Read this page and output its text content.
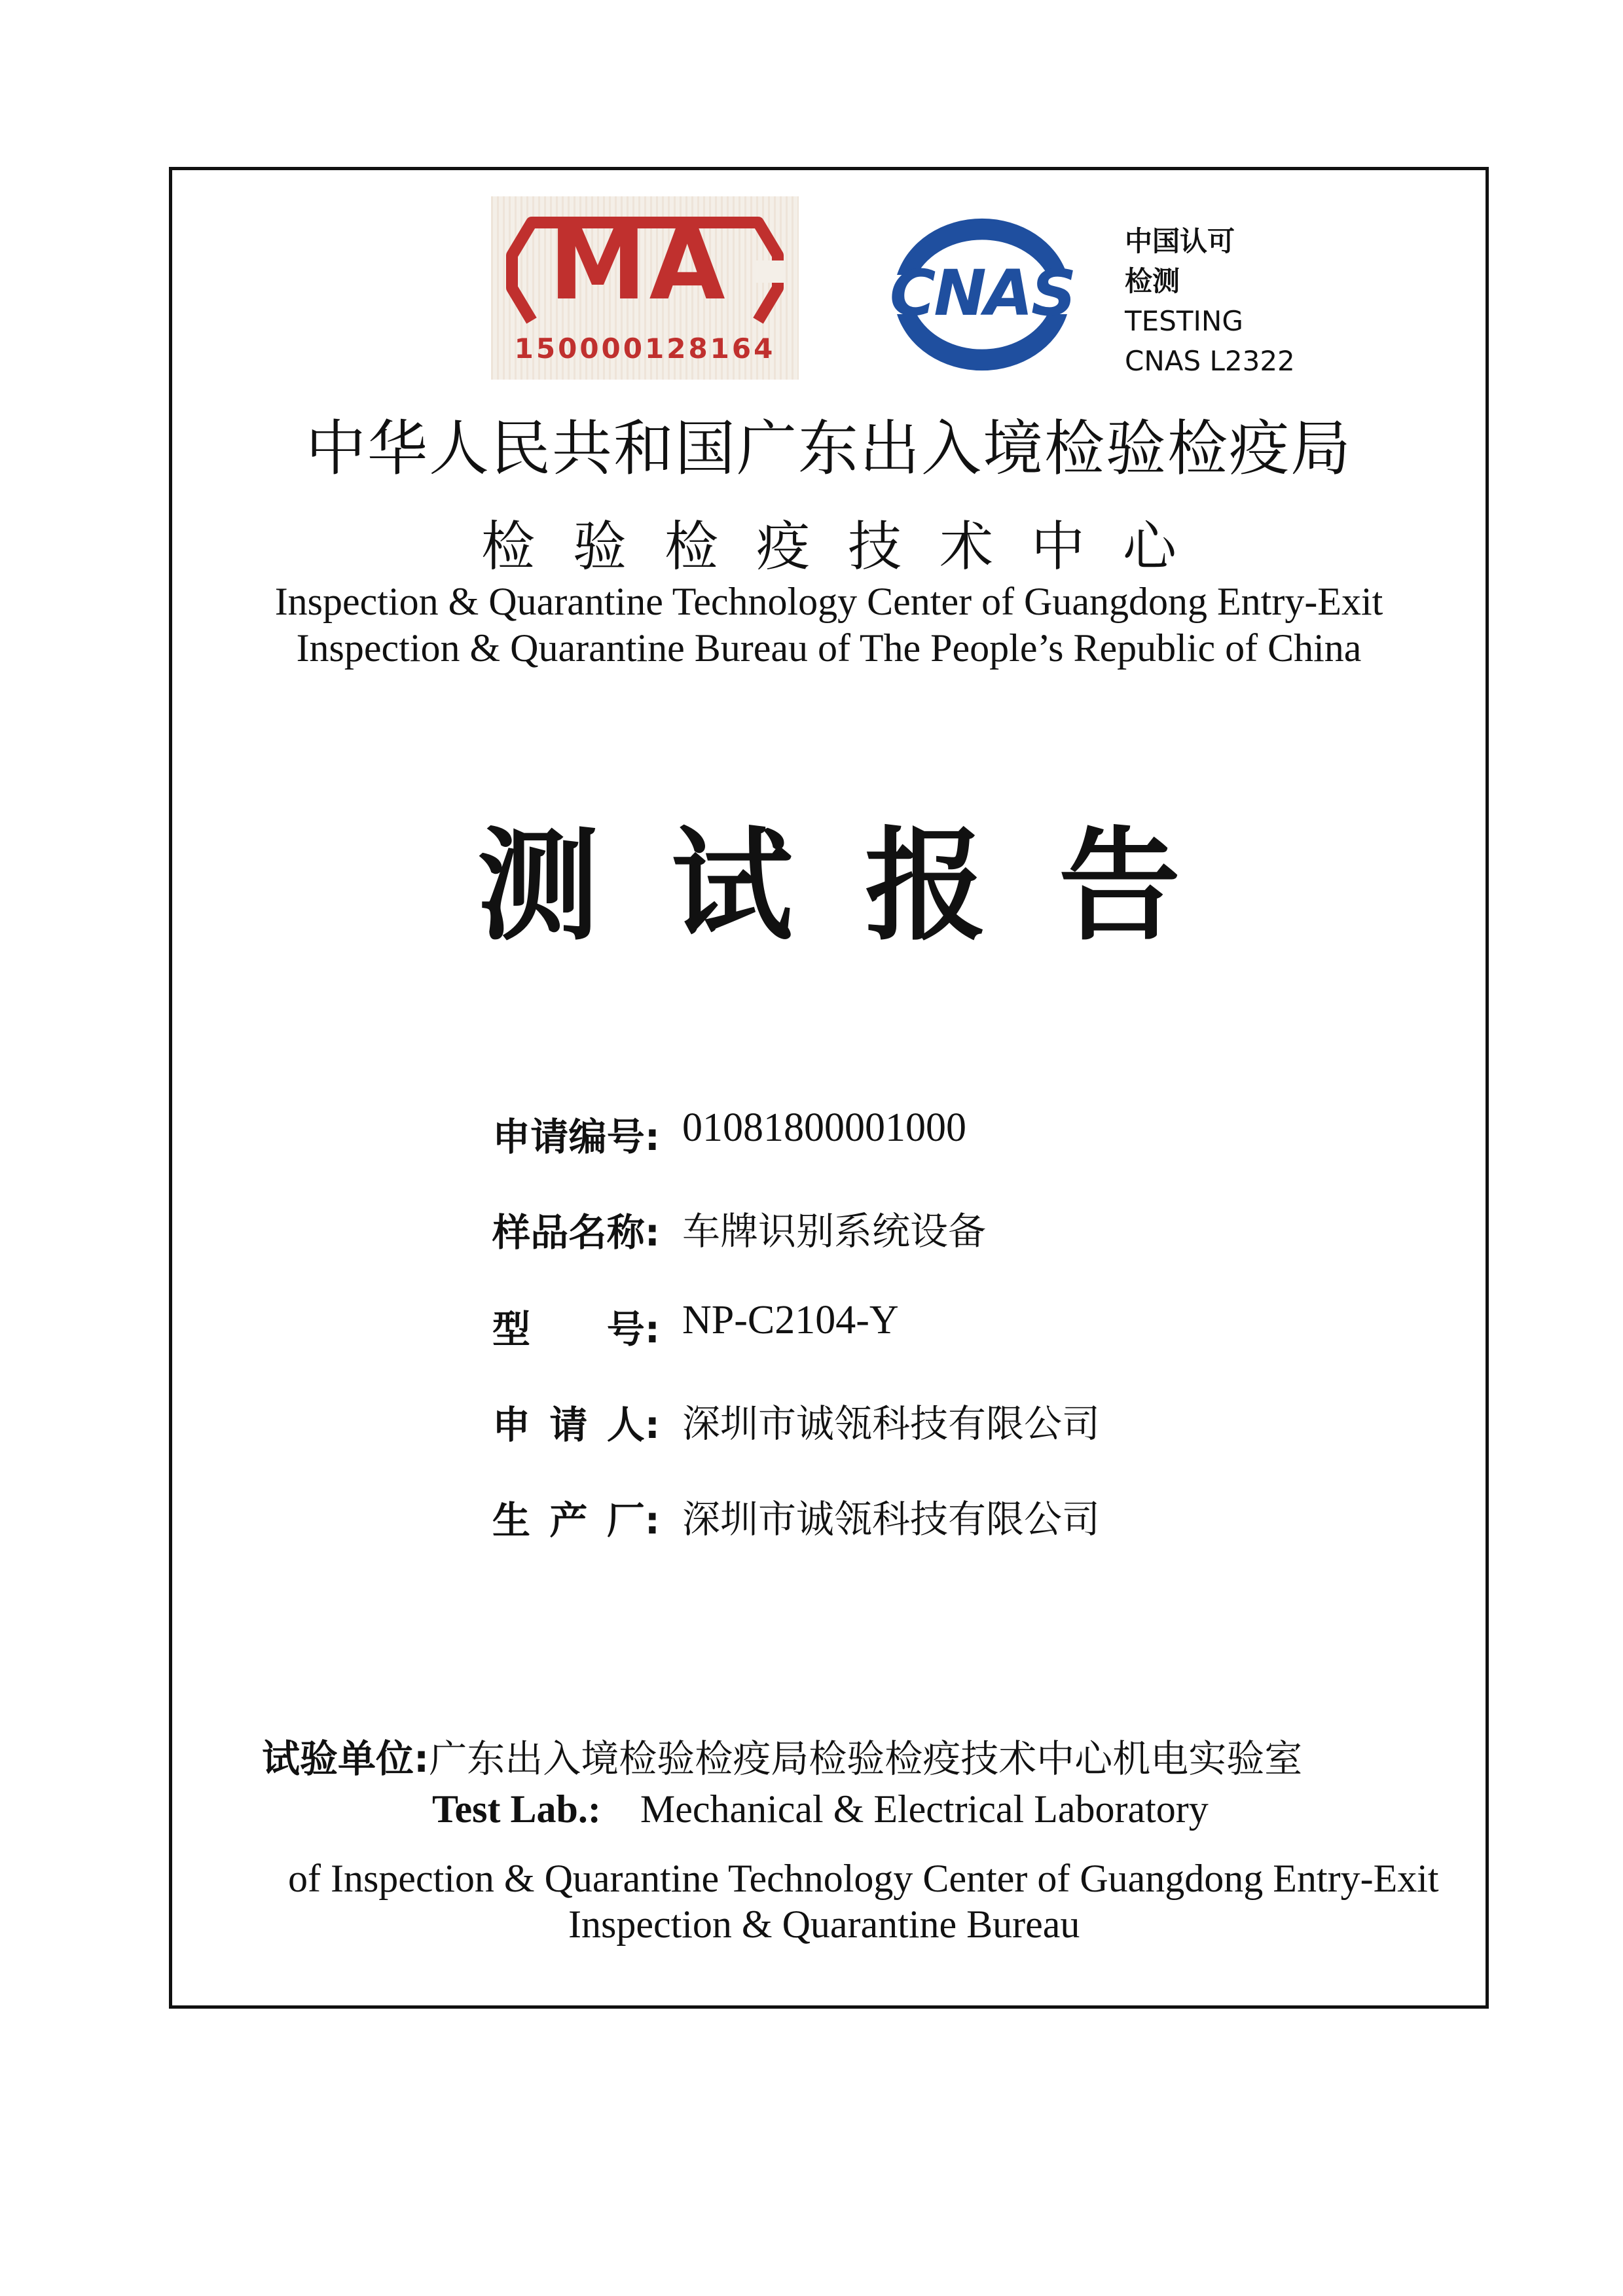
MA
150000128164
CNAS
中国认可
检测
TESTING
CNAS L2322
中华人民共和国广东出入境检验检疫局
检验检疫技术中心
Inspection & Quarantine Technology Center of Guangdong Entry-Exit
Inspection & Quarantine Bureau of The People’s Republic of China
测试报告
申 请 编 号: 01081800001000
样 品 名 称: 车牌识别系统设备
型 号: NP-C2104-Y
申 请 人: 深圳市诚瓴科技有限公司
生 产 厂: 深圳市诚瓴科技有限公司
试验单位:广东出入境检验检疫局检验检疫技术中心机电实验室
Test Lab.: Mechanical & Electrical Laboratory
of Inspection & Quarantine Technology Center of Guangdong Entry-Exit
Inspection & Quarantine Bureau
